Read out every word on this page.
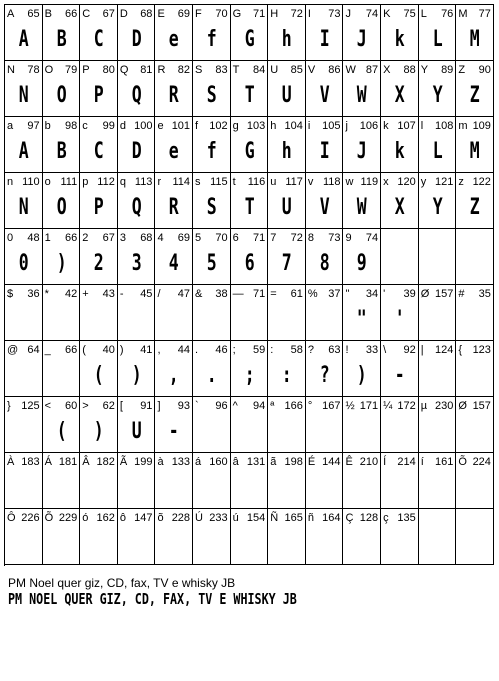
A 65
A
B 66
B
C 67
C
D 68
D
E 69
e
F 70
f
G 71
G
H 72
h
I 73
I
J 74
J
K 75
k
L 76
L
M 77
M
N 78
N
O 79
O
P 80
P
Q 81
Q
R 82
R
S 83
S
T 84
T
U 85
U
V 86
V
W 87
W
X 88
X
Y 89
Y
Z 90
Z
a 97
A
b 98
B
c 99
C
d 100
D
e 101
e
f 102
f
g 103
G
h 104
h
i 105
I
j 106
J
k 107
k
l 108
L
m 109
M
n 110
N
o 111
O
p 112
P
q 113
Q
r 114
R
s 115
S
t 116
T
u 117
U
v 118
V
w 119
W
x 120
X
y 121
Y
z 122
Z
0 48
0
1 66
)
2 67
2
3 68
3
4 69
4
5 70
5
6 71
6
7 72
7
8 73
8
9 74
9
$ 36 * 42 + 43 - 45 / 47 & 38 — 71 = 61 % 37 " 34
"
' 39
'
Ø 157 # 35
@ 64 _ 66 ( 40
(
) 41
)
, 44
,
. 46
.
; 59
;
: 58
:
? 63
?
! 33
)
\ 92
-
| 124 { 123
} 125 < 60
(
> 62
)
[ 91
U
] 93
-
` 96 ^ 94 ª 166 ° 167 ½ 171 ¼ 172 µ 230 Ø 157
À 183 Á 181 Â 182 Ã 199 à 133 á 160 â 131 ã 198 É 144 Ê 210 Í 214 í 161 Õ 224
Ô 226 Õ 229 ó 162 ô 147 õ 228 Ú 233 ú 154 Ñ 165 ñ 164 Ç 128 ç 135
PM Noel quer giz, CD, fax, TV e whisky JB
PM NOEL QUER GIZ, CD, FAX, TV E WHISKY JB
